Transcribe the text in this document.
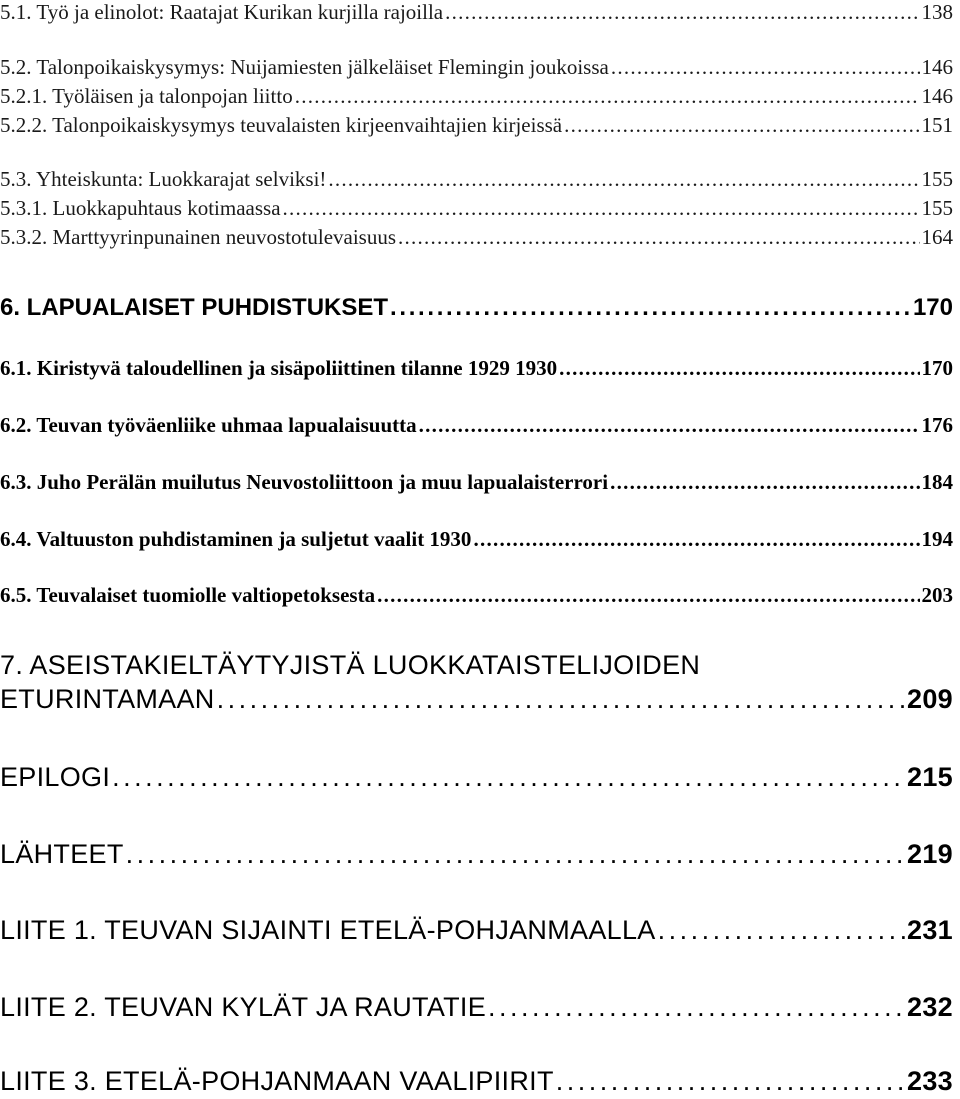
5.1. Työ ja elinolot: Raatajat Kurikan kurjilla rajoilla . . .	138
5.2. Talonpoikaiskysymys: Nuijamiesten jälkeläiset Flemingin joukoissa . . .	146
5.2.1. Työläisen ja talonpojan liitto . . .	146
5.2.2. Talonpoikaiskysymys teuvalaisten kirjeenvaihtajien kirjeissä . . .	151
5.3. Yhteiskunta: Luokkarajat selviksi! . . .	155
5.3.1. Luokkapuhtaus kotimaassa . . .	155
5.3.2. Marttyyrinpunainen neuvostotulevaisuus . . .	164
6. LAPUALAISET PUHDISTUKSET . . .	170
6.1. Kiristyvä taloudellinen ja sisäpoliittinen tilanne 1929 1930 . . .	170
6.2. Teuvan työväenliike uhmaa lapualaisuutta . . .	176
6.3. Juho Perälän muilutus Neuvostoliittoon ja muu lapualaisterrori . . .	184
6.4. Valtuuston puhdistaminen ja suljetut vaalit 1930 . . .	194
6.5. Teuvalaiset tuomiolle valtiopetoksesta . . .	203
7. ASEISTAKIELTÄYTYJISTÄ LUOKKATAISTELIJOIDEN
ETURINTAMAAN . . .	209
EPILOGI . . .	215
LÄHTEET . . .	219
LIITE 1. TEUVAN SIJAINTI ETELÄ-POHJANMAALLA . . .	231
LIITE 2. TEUVAN KYLÄT JA RAUTATIE . . .	232
LIITE 3. ETELÄ-POHJANMAAN VAALIPIIRIT . . .	233
